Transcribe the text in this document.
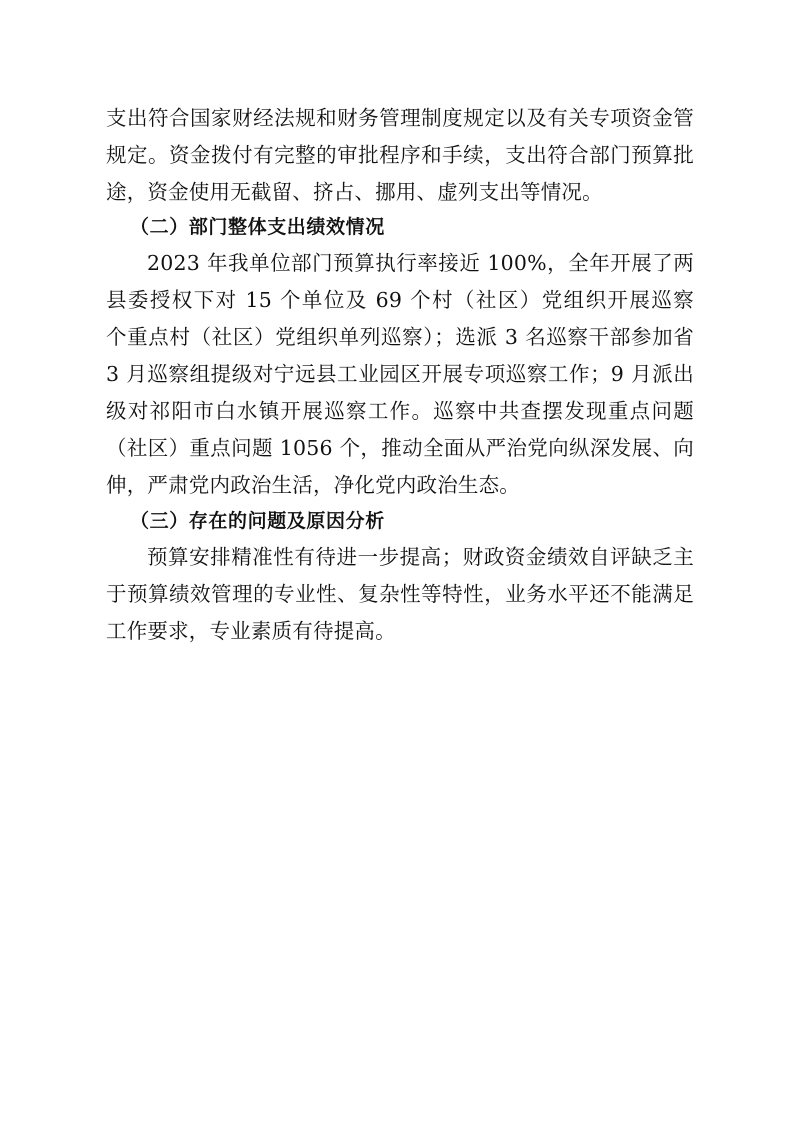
支出符合国家财经法规和财务管理制度规定以及有关专项资金管
规定。资金拨付有完整的审批程序和手续，支出符合部门预算批
途，资金使用无截留、挤占、挪用、虚列支出等情况。
（二）部门整体支出绩效情况
2023 年我单位部门预算执行率接近 100%，全年开展了两
县委授权下对 15 个单位及 69 个村（社区）党组织开展巡察
个重点村（社区）党组织单列巡察）；选派 3 名巡察干部参加省
3 月巡察组提级对宁远县工业园区开展专项巡察工作；9 月派出
级对祁阳市白水镇开展巡察工作。巡察中共查摆发现重点问题
（社区）重点问题 1056 个，推动全面从严治党向纵深发展、向
伸，严肃党内政治生活，净化党内政治生态。
（三）存在的问题及原因分析
预算安排精准性有待进一步提高；财政资金绩效自评缺乏主
于预算绩效管理的专业性、复杂性等特性，业务水平还不能满足
工作要求，专业素质有待提高。
